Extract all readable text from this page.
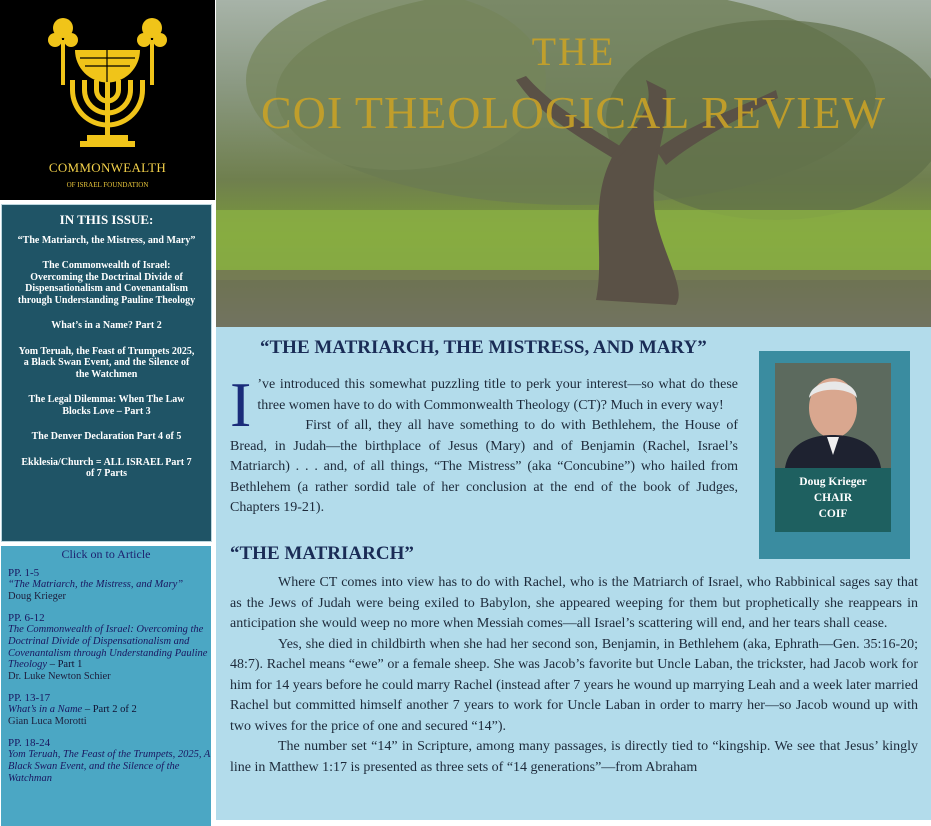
COMMONWEALTH
OF ISRAEL FOUNDATION
IN THIS ISSUE:
“The Matriarch, the Mistress, and Mary”
The Commonwealth of Israel: Overcoming the Doctrinal Divide of Dispensationalism and Covenantalism through Understanding Pauline Theology
What’s in a Name? Part 2
Yom Teruah, the Feast of Trumpets 2025, a Black Swan Event, and the Silence of the Watchmen
The Legal Dilemma: When The Law Blocks Love – Part 3
The Denver Declaration Part 4 of 5
Ekklesia/Church = ALL ISRAEL Part 7 of 7 Parts
Click on to Article
PP. 1-5
“The Matriarch, the Mistress, and Mary”
Doug Krieger
PP. 6-12
The Commonwealth of Israel: Overcoming the Doctrinal Divide of Dispensationalism and Covenantalism through Understanding Pauline Theology – Part 1
Dr. Luke Newton Schier
PP. 13-17
What’s in a Name – Part 2 of 2
Gian Luca Morotti
PP. 18-24
Yom Teruah, The Feast of the Trumpets, 2025, A Black Swan Event, and the Silence of the Watchman
THE
COI THEOLOGICAL REVIEW
“THE MATRIARCH, THE MISTRESS, AND MARY”
I ’ve introduced this somewhat puzzling title to perk your interest—so what do these three women have to do with Commonwealth Theology (CT)? Much in every way!

First of all, they all have something to do with Bethlehem, the House of Bread, in Judah—the birthplace of Jesus (Mary) and of Benjamin (Rachel, Israel’s Matriarch) . . . and, of all things, “The Mistress” (aka “Concubine”) who hailed from Bethlehem (a rather sordid tale of her conclusion at the end of the book of Judges, Chapters 19-21).

“THE MATRIARCH”

Where CT comes into view has to do with Rachel, who is the Matriarch of Israel, who Rabbinical sages say that as the Jews of Judah were being exiled to Babylon, she appeared weeping for them but prophetically she reappears in anticipation she would weep no more when Messiah comes—all Israel’s scattering will end, and her tears shall cease.

Yes, she died in childbirth when she had her second son, Benjamin, in Bethlehem (aka, Ephrath—Gen. 35:16-20; 48:7). Rachel means “ewe” or a female sheep. She was Jacob’s favorite but Uncle Laban, the trickster, had Jacob work for him for 14 years before he could marry Rachel (instead after 7 years he wound up marrying Leah and a week later married Rachel but committed himself another 7 years to work for Uncle Laban in order to marry her—so Jacob wound up with two wives for the price of one and secured “14”).

The number set “14” in Scripture, among many passages, is directly tied to “kingship. We see that Jesus’ kingly line in Matthew 1:17 is presented as three sets of “14 generations”—from Abraham

Doug Krieger
CHAIR
COIF
